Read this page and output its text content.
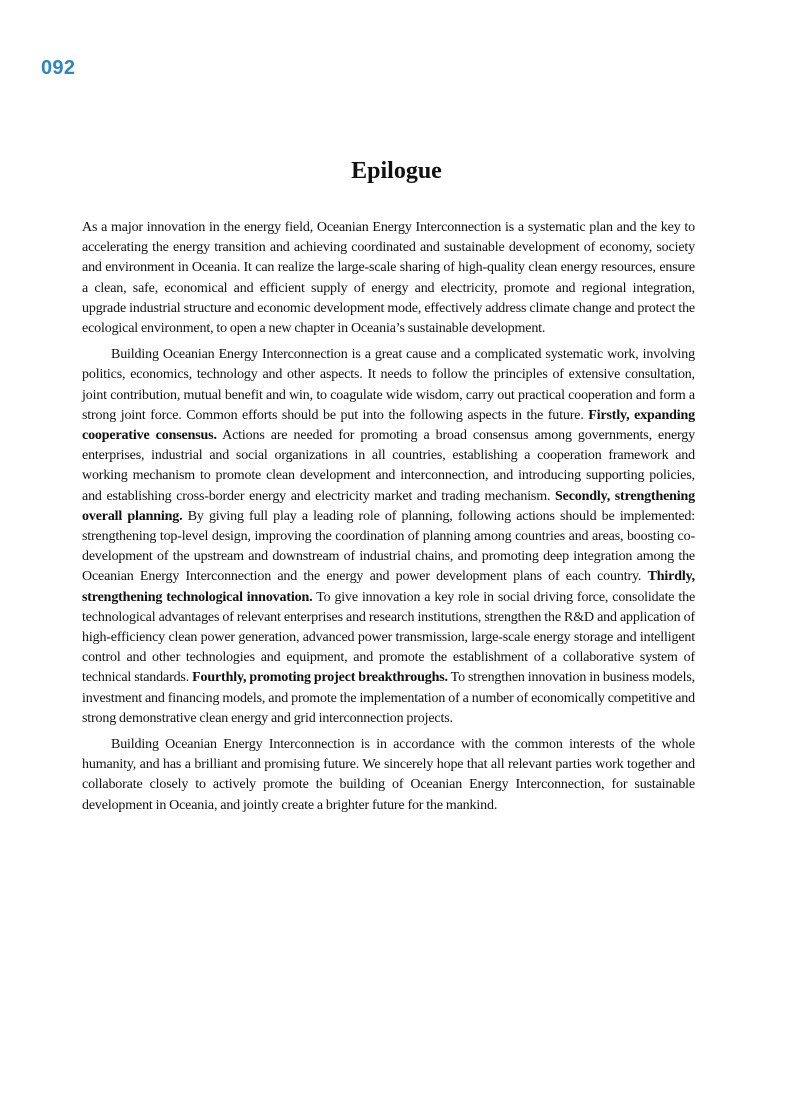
092
Epilogue

As a major innovation in the energy field, Oceanian Energy Interconnection is a systematic plan and the key to accelerating the energy transition and achieving coordinated and sustainable development of economy, society and environment in Oceania. It can realize the large-scale sharing of high-quality clean energy resources, ensure a clean, safe, economical and efficient supply of energy and electricity, promote and regional integration, upgrade industrial structure and economic development mode, effectively address climate change and protect the ecological environment, to open a new chapter in Oceania’s sustainable development.

Building Oceanian Energy Interconnection is a great cause and a complicated systematic work, involving politics, economics, technology and other aspects. It needs to follow the principles of extensive consultation, joint contribution, mutual benefit and win, to coagulate wide wisdom, carry out practical cooperation and form a strong joint force. Common efforts should be put into the following aspects in the future. Firstly, expanding cooperative consensus. Actions are needed for promoting a broad consensus among governments, energy enterprises, industrial and social organizations in all countries, establishing a cooperation framework and working mechanism to promote clean development and interconnection, and introducing supporting policies, and establishing cross-border energy and electricity market and trading mechanism. Secondly, strengthening overall planning. By giving full play a leading role of planning, following actions should be implemented: strengthening top-level design, improving the coordination of planning among countries and areas, boosting co-development of the upstream and downstream of industrial chains, and promoting deep integration among the Oceanian Energy Interconnection and the energy and power development plans of each country. Thirdly, strengthening technological innovation. To give innovation a key role in social driving force, consolidate the technological advantages of relevant enterprises and research institutions, strengthen the R&D and application of high-efficiency clean power generation, advanced power transmission, large-scale energy storage and intelligent control and other technologies and equipment, and promote the establishment of a collaborative system of technical standards. Fourthly, promoting project breakthroughs. To strengthen innovation in business models, investment and financing models, and promote the implementation of a number of economically competitive and strong demonstrative clean energy and grid interconnection projects.

Building Oceanian Energy Interconnection is in accordance with the common interests of the whole humanity, and has a brilliant and promising future. We sincerely hope that all relevant parties work together and collaborate closely to actively promote the building of Oceanian Energy Interconnection, for sustainable development in Oceania, and jointly create a brighter future for the mankind.
